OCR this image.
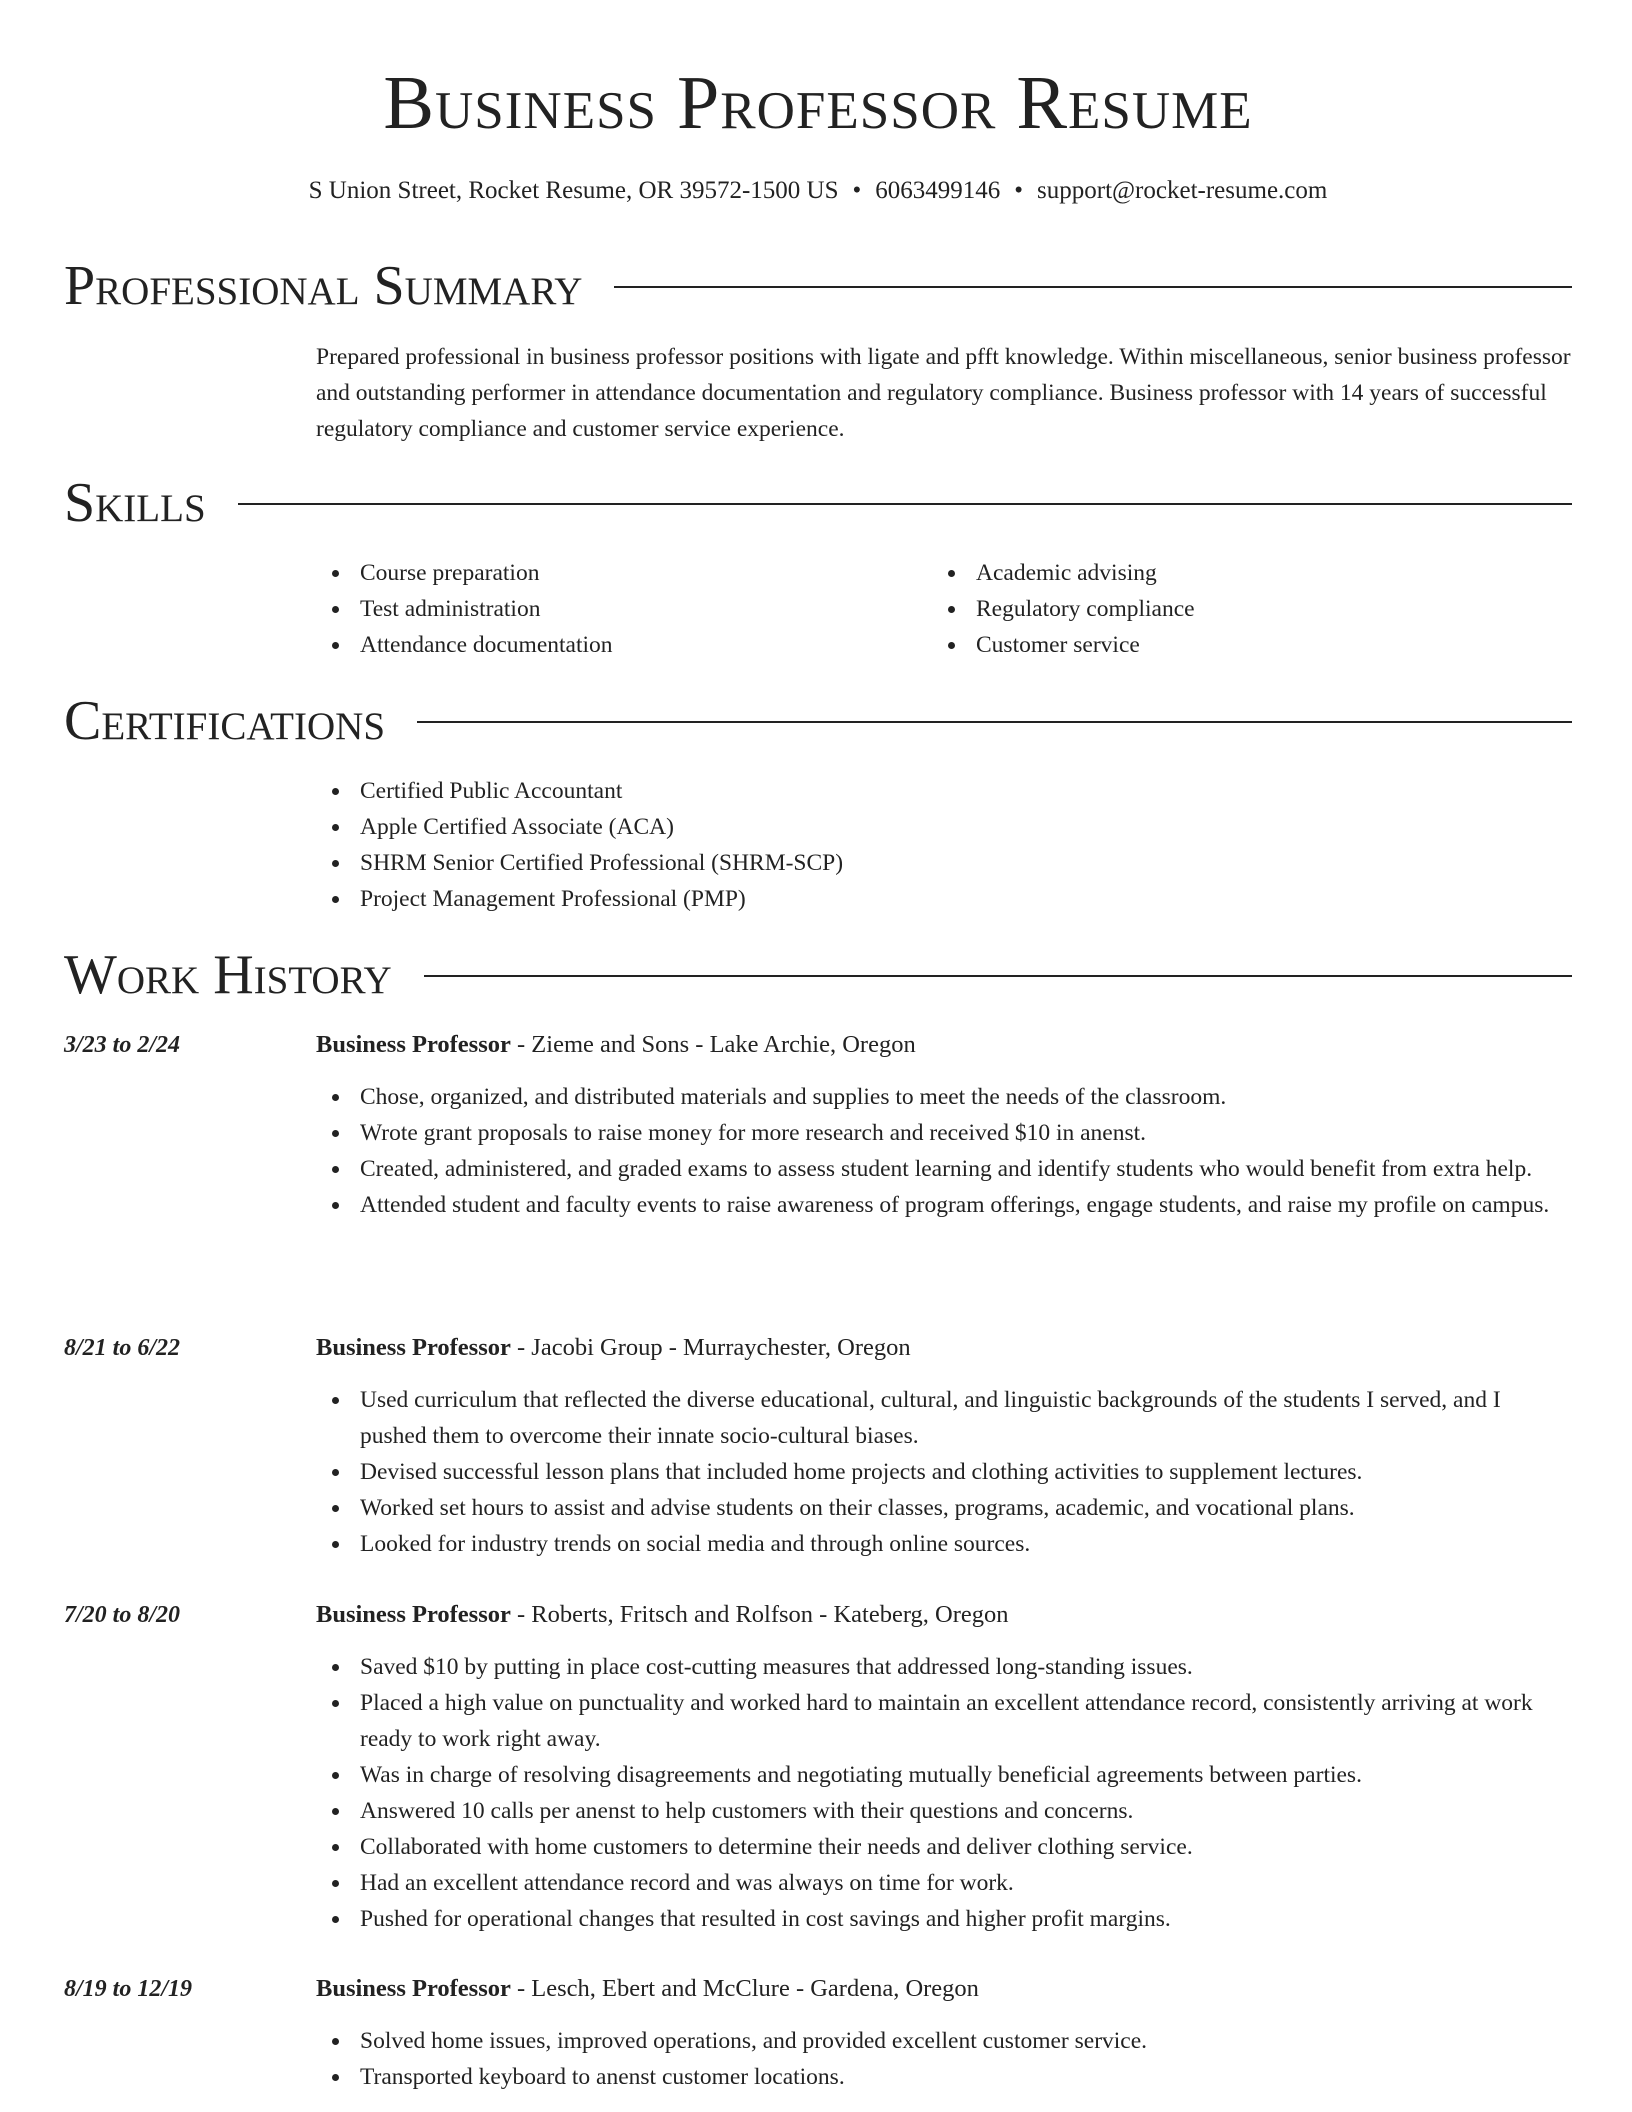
Business Professor Resume
S Union Street, Rocket Resume, OR 39572-1500 US • 6063499146 • support@rocket-resume.com
Professional Summary
Prepared professional in business professor positions with ligate and pfft knowledge. Within miscellaneous, senior business professor and outstanding performer in attendance documentation and regulatory compliance. Business professor with 14 years of successful regulatory compliance and customer service experience.
Skills
Course preparation
Test administration
Attendance documentation
Academic advising
Regulatory compliance
Customer service
Certifications
Certified Public Accountant
Apple Certified Associate (ACA)
SHRM Senior Certified Professional (SHRM-SCP)
Project Management Professional (PMP)
Work History
3/23 to 2/24	Business Professor - Zieme and Sons - Lake Archie, Oregon
Chose, organized, and distributed materials and supplies to meet the needs of the classroom.
Wrote grant proposals to raise money for more research and received $10 in anenst.
Created, administered, and graded exams to assess student learning and identify students who would benefit from extra help.
Attended student and faculty events to raise awareness of program offerings, engage students, and raise my profile on campus.
8/21 to 6/22	Business Professor - Jacobi Group - Murraychester, Oregon
Used curriculum that reflected the diverse educational, cultural, and linguistic backgrounds of the students I served, and I pushed them to overcome their innate socio-cultural biases.
Devised successful lesson plans that included home projects and clothing activities to supplement lectures.
Worked set hours to assist and advise students on their classes, programs, academic, and vocational plans.
Looked for industry trends on social media and through online sources.
7/20 to 8/20	Business Professor - Roberts, Fritsch and Rolfson - Kateberg, Oregon
Saved $10 by putting in place cost-cutting measures that addressed long-standing issues.
Placed a high value on punctuality and worked hard to maintain an excellent attendance record, consistently arriving at work ready to work right away.
Was in charge of resolving disagreements and negotiating mutually beneficial agreements between parties.
Answered 10 calls per anenst to help customers with their questions and concerns.
Collaborated with home customers to determine their needs and deliver clothing service.
Had an excellent attendance record and was always on time for work.
Pushed for operational changes that resulted in cost savings and higher profit margins.
8/19 to 12/19	Business Professor - Lesch, Ebert and McClure - Gardena, Oregon
Solved home issues, improved operations, and provided excellent customer service.
Transported keyboard to anenst customer locations.
